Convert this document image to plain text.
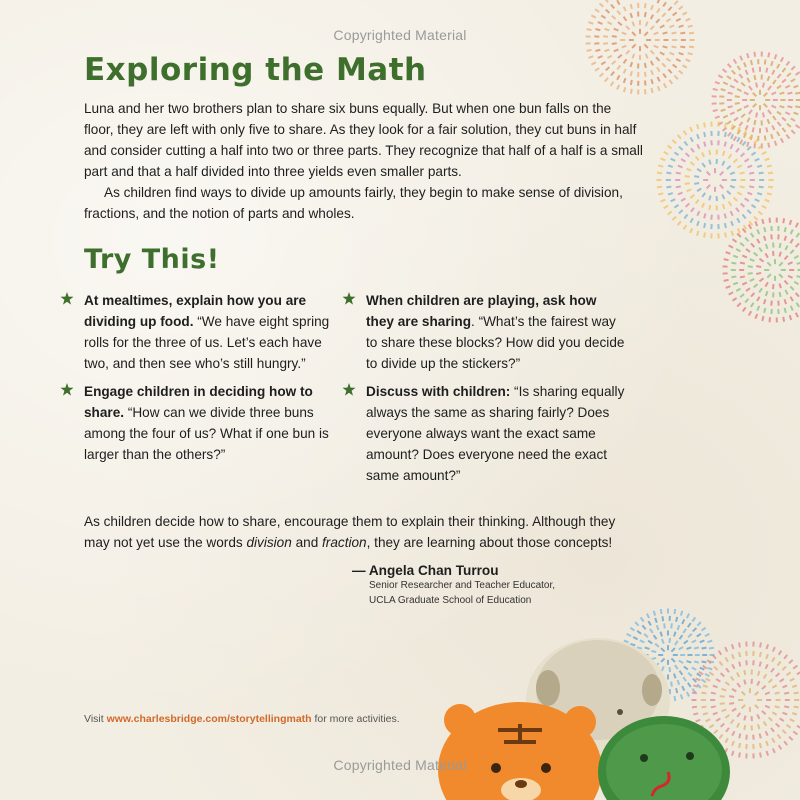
Copyrighted Material
Exploring the Math

Luna and her two brothers plan to share six buns equally. But when one bun falls on the floor, they are left with only five to share. As they look for a fair solution, they cut buns in half and consider cutting a half into two or three parts. They recognize that half of a half is a small part and that a half divided into three yields even smaller parts.

As children find ways to divide up amounts fairly, they begin to make sense of division, fractions, and the notion of parts and wholes.

Try This!
At mealtimes, explain how you are dividing up food. “We have eight spring rolls for the three of us. Let’s each have two, and then see who’s still hungry.”
Engage children in deciding how to share. “How can we divide three buns among the four of us? What if one bun is larger than the others?”
When children are playing, ask how they are sharing. “What’s the fairest way to share these blocks? How did you decide to divide up the stickers?”
Discuss with children: “Is sharing equally always the same as sharing fairly? Does everyone always want the exact same amount? Does everyone need the exact same amount?”

As children decide how to share, encourage them to explain their thinking. Although they may not yet use the words division and fraction, they are learning about those concepts!

— Angela Chan Turrou
Senior Researcher and Teacher Educator,
UCLA Graduate School of Education
Visit www.charlesbridge.com/storytellingmath for more activities.
Copyrighted Material
